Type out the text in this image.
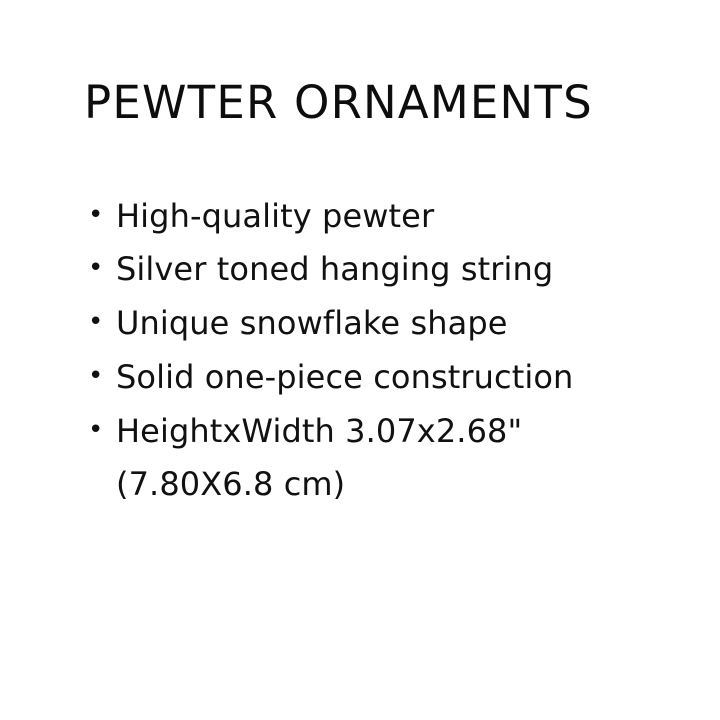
PEWTER ORNAMENTS
• High-quality pewter
• Silver toned hanging string
• Unique snowflake shape
• Solid one-piece construction
• HeightxWidth 3.07x2.68"
(7.80X6.8 cm)
